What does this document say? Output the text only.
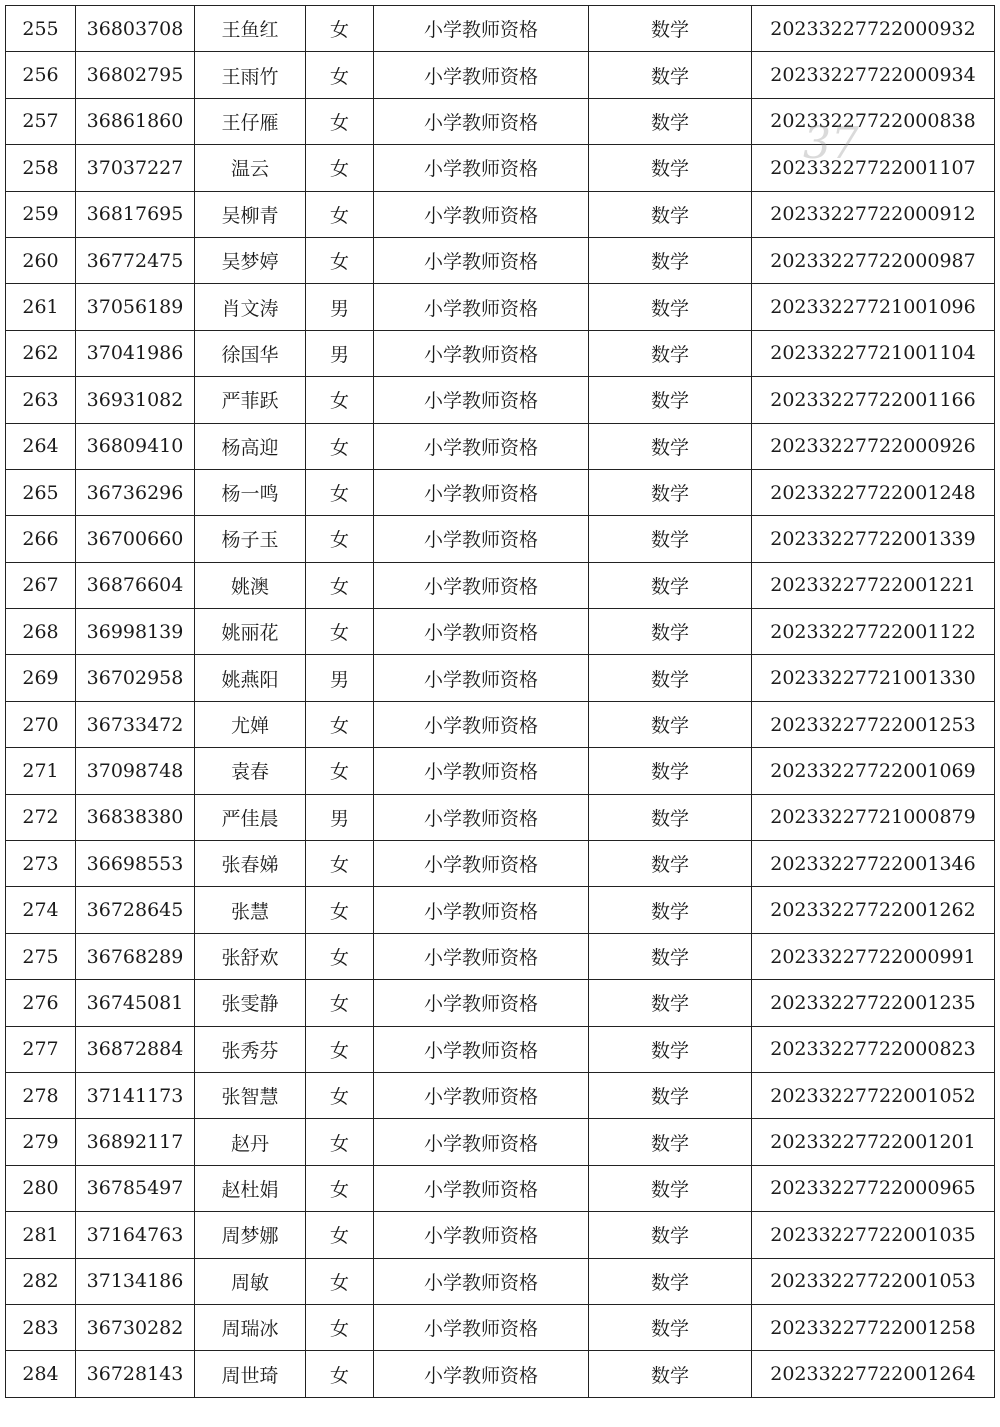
255	36803708	王鱼红	女	小学教师资格	数学	20233227722000932
256	36802795	王雨竹	女	小学教师资格	数学	20233227722000934
257	36861860	王仔雁	女	小学教师资格	数学	20233227722000838
258	37037227	温云	女	小学教师资格	数学	20233227722001107
259	36817695	吴柳青	女	小学教师资格	数学	20233227722000912
260	36772475	吴梦婷	女	小学教师资格	数学	20233227722000987
261	37056189	肖文涛	男	小学教师资格	数学	20233227721001096
262	37041986	徐国华	男	小学教师资格	数学	20233227721001104
263	36931082	严菲跃	女	小学教师资格	数学	20233227722001166
264	36809410	杨高迎	女	小学教师资格	数学	20233227722000926
265	36736296	杨一鸣	女	小学教师资格	数学	20233227722001248
266	36700660	杨子玉	女	小学教师资格	数学	20233227722001339
267	36876604	姚澳	女	小学教师资格	数学	20233227722001221
268	36998139	姚丽花	女	小学教师资格	数学	20233227722001122
269	36702958	姚燕阳	男	小学教师资格	数学	20233227721001330
270	36733472	尤婵	女	小学教师资格	数学	20233227722001253
271	37098748	袁春	女	小学教师资格	数学	20233227722001069
272	36838380	严佳晨	男	小学教师资格	数学	20233227721000879
273	36698553	张春娣	女	小学教师资格	数学	20233227722001346
274	36728645	张慧	女	小学教师资格	数学	20233227722001262
275	36768289	张舒欢	女	小学教师资格	数学	20233227722000991
276	36745081	张雯静	女	小学教师资格	数学	20233227722001235
277	36872884	张秀芬	女	小学教师资格	数学	20233227722000823
278	37141173	张智慧	女	小学教师资格	数学	20233227722001052
279	36892117	赵丹	女	小学教师资格	数学	20233227722001201
280	36785497	赵杜娟	女	小学教师资格	数学	20233227722000965
281	37164763	周梦娜	女	小学教师资格	数学	20233227722001035
282	37134186	周敏	女	小学教师资格	数学	20233227722001053
283	36730282	周瑞冰	女	小学教师资格	数学	20233227722001258
284	36728143	周世琦	女	小学教师资格	数学	20233227722001264
37
